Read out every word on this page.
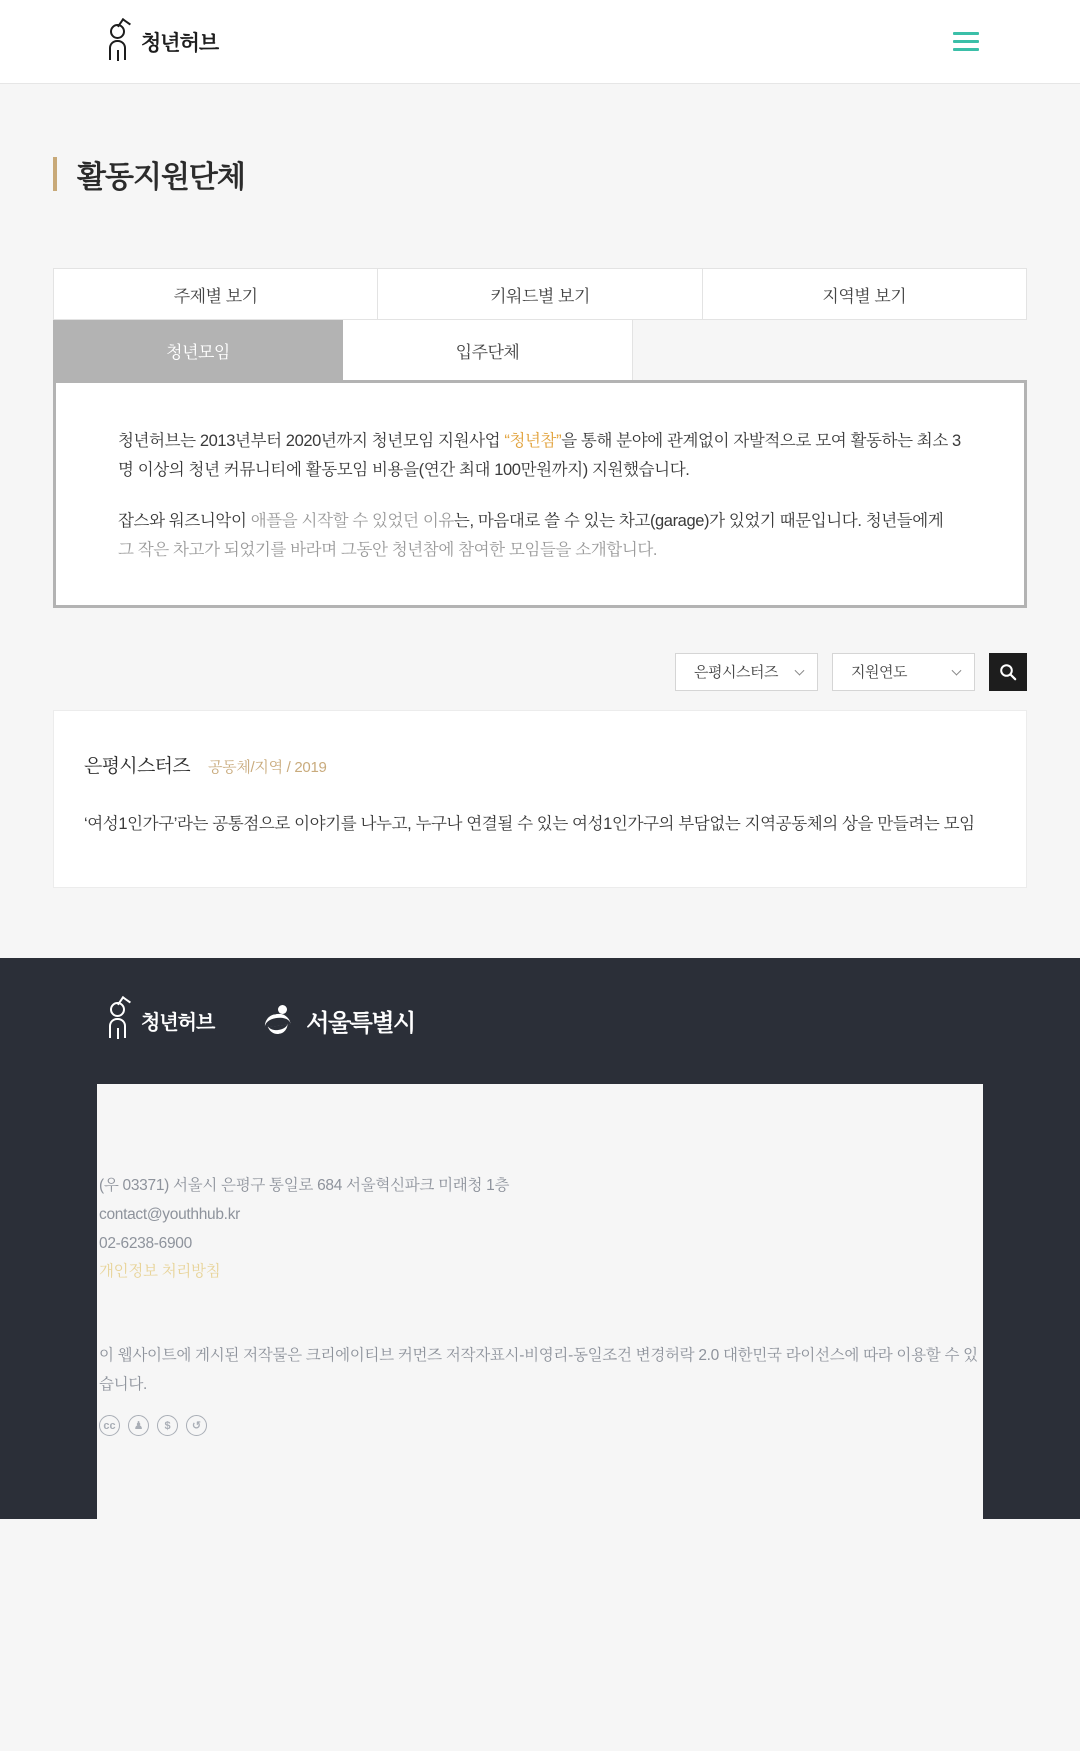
청년허브
활동지원단체
주제별 보기	키워드별 보기	지역별 보기
청년모임	입주단체

청년허브는 2013년부터 2020년까지 청년모임 지원사업 “청년참”을 통해 분야에 관계없이 자발적으로 모여 활동하는 최소 3명 이상의 청년 커뮤니티에 활동모임 비용을(연간 최대 100만원까지) 지원했습니다.

잡스와 워즈니악이 애플을 시작할 수 있었던 이유는, 마음대로 쓸 수 있는 차고(garage)가 있었기 때문입니다. 청년들에게 그 작은 차고가 되었기를 바라며 그동안 청년참에 참여한 모임들을 소개합니다.

은평시스터즈	지원연도
은평시스터즈 공동체/지역 / 2019

‘여성1인가구’라는 공통점으로 이야기를 나누고, 누구나 연결될 수 있는 여성1인가구의 부담없는 지역공동체의 상을 만들려는 모임

청년허브	서울특별시
(우 03371) 서울시 은평구 통일로 684 서울혁신파크 미래청 1층
contact@youthhub.kr
02-6238-6900
개인정보 처리방침
이 웹사이트에 게시된 저작물은 크리에이티브 커먼즈 저작자표시-비영리-동일조건 변경허락 2.0 대한민국 라이선스에 따라 이용할 수 있습니다.
cc	♟	$	↺
